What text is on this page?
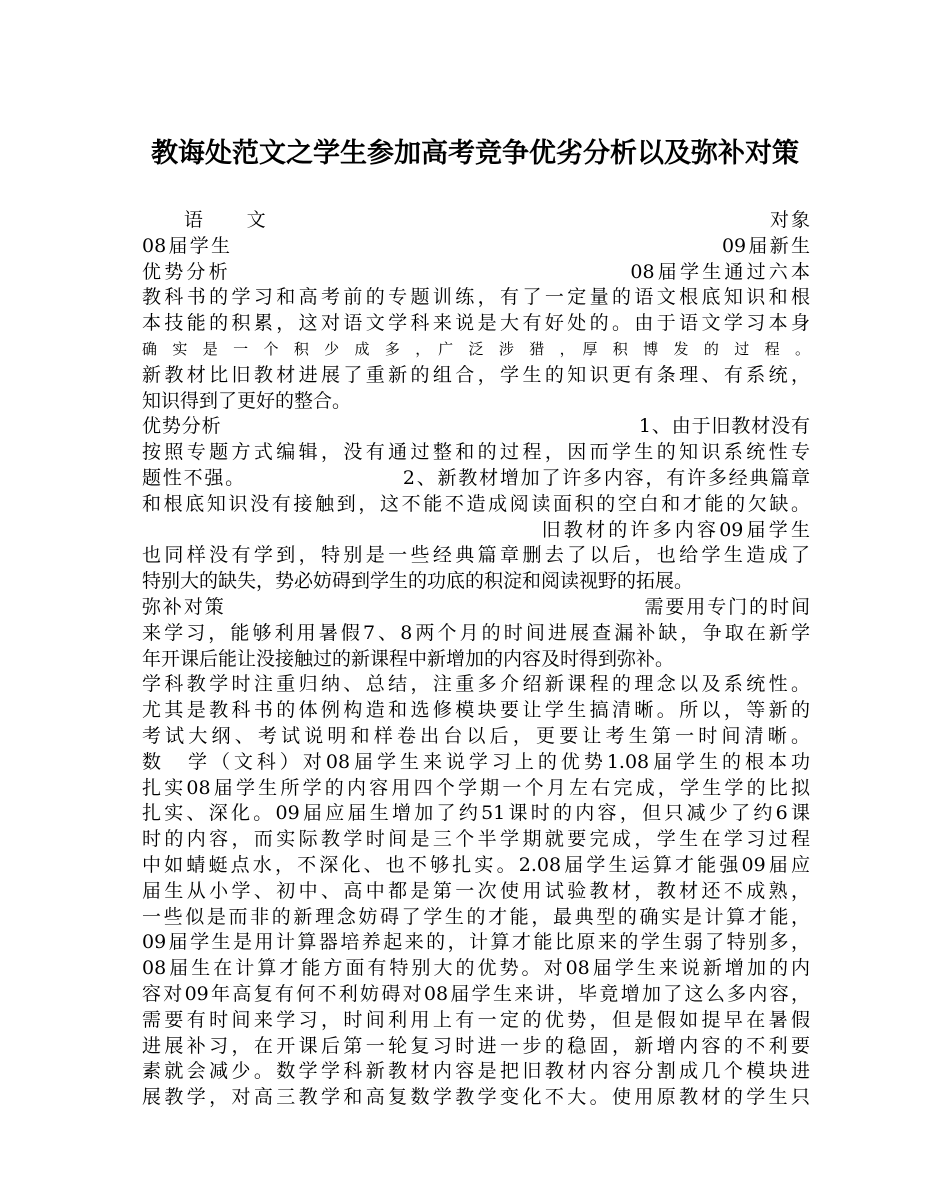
教诲处范文之学生参加高考竞争优劣分析以及弥补对策
　　语　　文　　　　　　　　　　　　　　　　　　　　　　　　对象
08届学生　　　　　　　　　　　　　　　　　　　　　　　09届新生
优势分析　　　　　　　　　　　　　　　　　　08届学生通过六本
教科书的学习和高考前的专题训练，有了一定量的语文根底知识和根
本技能的积累，这对语文学科来说是大有好处的。由于语文学习本身
确　实　是　一　个　积　少　成　多　，　广　泛　涉　猎　，　厚　积　博　发　的　过　程　。
新教材比旧教材进展了重新的组合，学生的知识更有条理、有系统，
知识得到了更好的整合。
优势分析　　　　　　　　　　　　　　　　　　　　　1、由于旧教材没有
按照专题方式编辑，没有通过整和的过程，因而学生的知识系统性专
题性不强。　　　　　　　　2、新教材增加了许多内容，有许多经典篇章
和根底知识没有接触到，这不能不造成阅读面积的空白和才能的欠缺。
　　　　　　　　　　　　　　　　　　旧教材的许多内容09届学生
也同样没有学到，特别是一些经典篇章删去了以后，也给学生造成了
特别大的缺失，势必妨碍到学生的功底的积淀和阅读视野的拓展。
弥补对策　　　　　　　　　　　　　　　　　　　　需要用专门的时间
来学习，能够利用暑假7、8两个月的时间进展查漏补缺，争取在新学
年开课后能让没接触过的新课程中新增加的内容及时得到弥补。
学科教学时注重归纳、总结，注重多介绍新课程的理念以及系统性。
尤其是教科书的体例构造和选修模块要让学生搞清晰。所以，等新的
考试大纲、考试说明和样卷出台以后，更要让考生第一时间清晰。
数　学（文科）对08届学生来说学习上的优势1.08届学生的根本功
扎实08届学生所学的内容用四个学期一个月左右完成，学生学的比拟
扎实、深化。09届应届生增加了约51课时的内容，但只减少了约6课
时的内容，而实际教学时间是三个半学期就要完成，学生在学习过程
中如蜻蜓点水，不深化、也不够扎实。2.08届学生运算才能强09届应
届生从小学、初中、高中都是第一次使用试验教材，教材还不成熟，
一些似是而非的新理念妨碍了学生的才能，最典型的确实是计算才能，
09届学生是用计算器培养起来的，计算才能比原来的学生弱了特别多，
08届生在计算才能方面有特别大的优势。对08届学生来说新增加的内
容对09年高复有何不利妨碍对08届学生来讲，毕竟增加了这么多内容，
需要有时间来学习，时间利用上有一定的优势，但是假如提早在暑假
进展补习，在开课后第一轮复习时进一步的稳固，新增内容的不利要
素就会减少。数学学科新教材内容是把旧教材内容分割成几个模块进
展教学，对高三教学和高复数学教学变化不大。使用原教材的学生只
